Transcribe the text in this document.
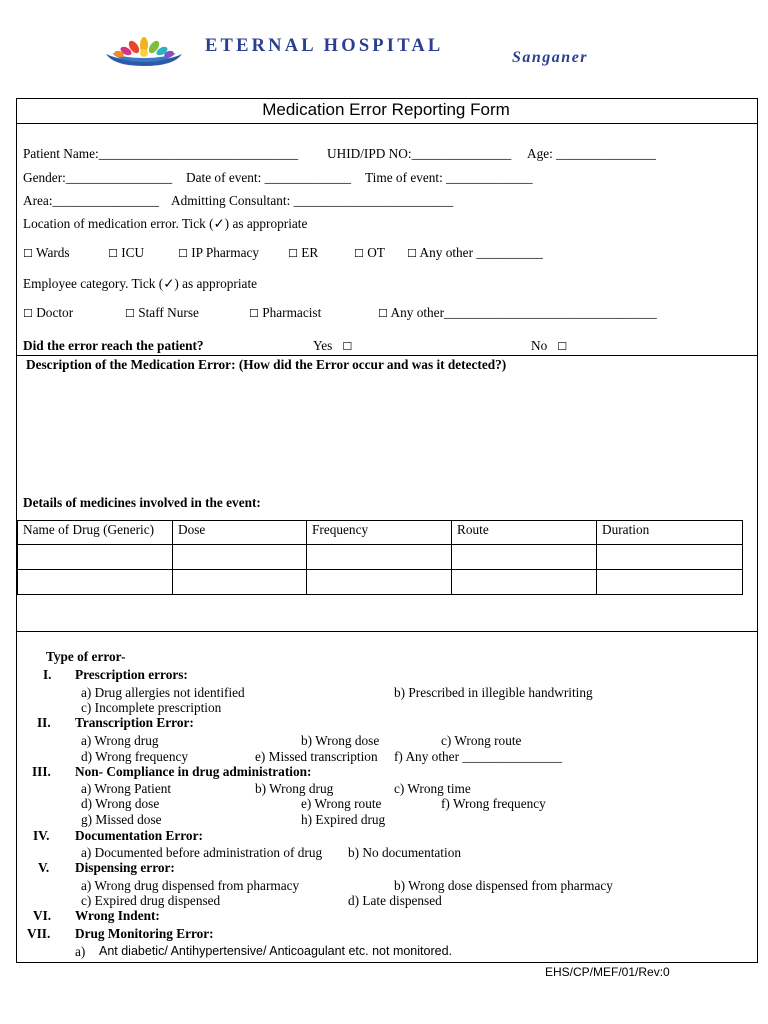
ETERNAL HOSPITAL
Sanganer
Medication Error Reporting Form
Patient Name:______________________________ UHID/IPD NO:_______________ Age: _______________
Gender:________________ Date of event: _____________ Time of event: _____________
Area:________________ Admitting Consultant: ________________________
Location of medication error. Tick (✓) as appropriate
☐ Wards	☐ ICU	☐ IP Pharmacy	☐ ER	☐ OT ☐ Any other __________
Employee category. Tick (✓) as appropriate
☐ Doctor	☐ Staff Nurse	☐ Pharmacist	☐ Any other________________________________
Did the error reach the patient?	Yes ☐	No ☐
Description of the Medication Error: (How did the Error occur and was it detected?)
Details of medicines involved in the event:
Name of Drug (Generic)	Dose	Frequency	Route	Duration

Type of error-
I. Prescription errors:
a) Drug allergies not identified	b) Prescribed in illegible handwriting
c) Incomplete prescription
II. Transcription Error:
a) Wrong drug	b) Wrong dose	c) Wrong route
d) Wrong frequency	e) Missed transcription f) Any other _______________
III. Non- Compliance in drug administration:
a) Wrong Patient	b) Wrong drug	c) Wrong time
d) Wrong dose	e) Wrong route	f) Wrong frequency
g) Missed dose	h) Expired drug
IV. Documentation Error:
a) Documented before administration of drug b) No documentation
V. Dispensing error:
a) Wrong drug dispensed from pharmacy	b) Wrong dose dispensed from pharmacy
c) Expired drug dispensed	d) Late dispensed
VI. Wrong Indent:
VII. Drug Monitoring Error:
a) Ant diabetic/ Antihypertensive/ Anticoagulant etc. not monitored.
EHS/CP/MEF/01/Rev:0
